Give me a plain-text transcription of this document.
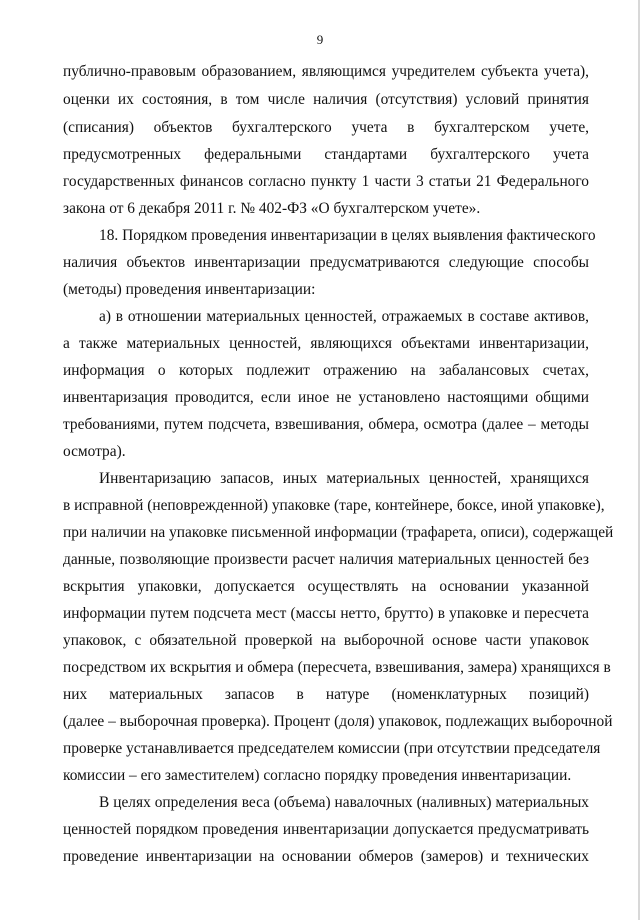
9
публично-правовым образованием, являющимся учредителем субъекта учета),
оценки их состояния, в том числе наличия (отсутствия) условий принятия
(списания) объектов бухгалтерского учета в бухгалтерском учете,
предусмотренных федеральными стандартами бухгалтерского учета
государственных финансов согласно пункту 1 части 3 статьи 21 Федерального
закона от 6 декабря 2011 г. № 402-ФЗ «О бухгалтерском учете».
18. Порядком проведения инвентаризации в целях выявления фактического
наличия объектов инвентаризации предусматриваются следующие способы
(методы) проведения инвентаризации:
а) в отношении материальных ценностей, отражаемых в составе активов,
а также материальных ценностей, являющихся объектами инвентаризации,
информация о которых подлежит отражению на забалансовых счетах,
инвентаризация проводится, если иное не установлено настоящими общими
требованиями, путем подсчета, взвешивания, обмера, осмотра (далее – методы
осмотра).
Инвентаризацию запасов, иных материальных ценностей, хранящихся
в исправной (неповрежденной) упаковке (таре, контейнере, боксе, иной упаковке),
при наличии на упаковке письменной информации (трафарета, описи), содержащей
данные, позволяющие произвести расчет наличия материальных ценностей без
вскрытия упаковки, допускается осуществлять на основании указанной
информации путем подсчета мест (массы нетто, брутто) в упаковке и пересчета
упаковок, с обязательной проверкой на выборочной основе части упаковок
посредством их вскрытия и обмера (пересчета, взвешивания, замера) хранящихся в
них материальных запасов в натуре (номенклатурных позиций)
(далее – выборочная проверка). Процент (доля) упаковок, подлежащих выборочной
проверке устанавливается председателем комиссии (при отсутствии председателя
комиссии – его заместителем) согласно порядку проведения инвентаризации.
В целях определения веса (объема) навалочных (наливных) материальных
ценностей порядком проведения инвентаризации допускается предусматривать
проведение инвентаризации на основании обмеров (замеров) и технических
